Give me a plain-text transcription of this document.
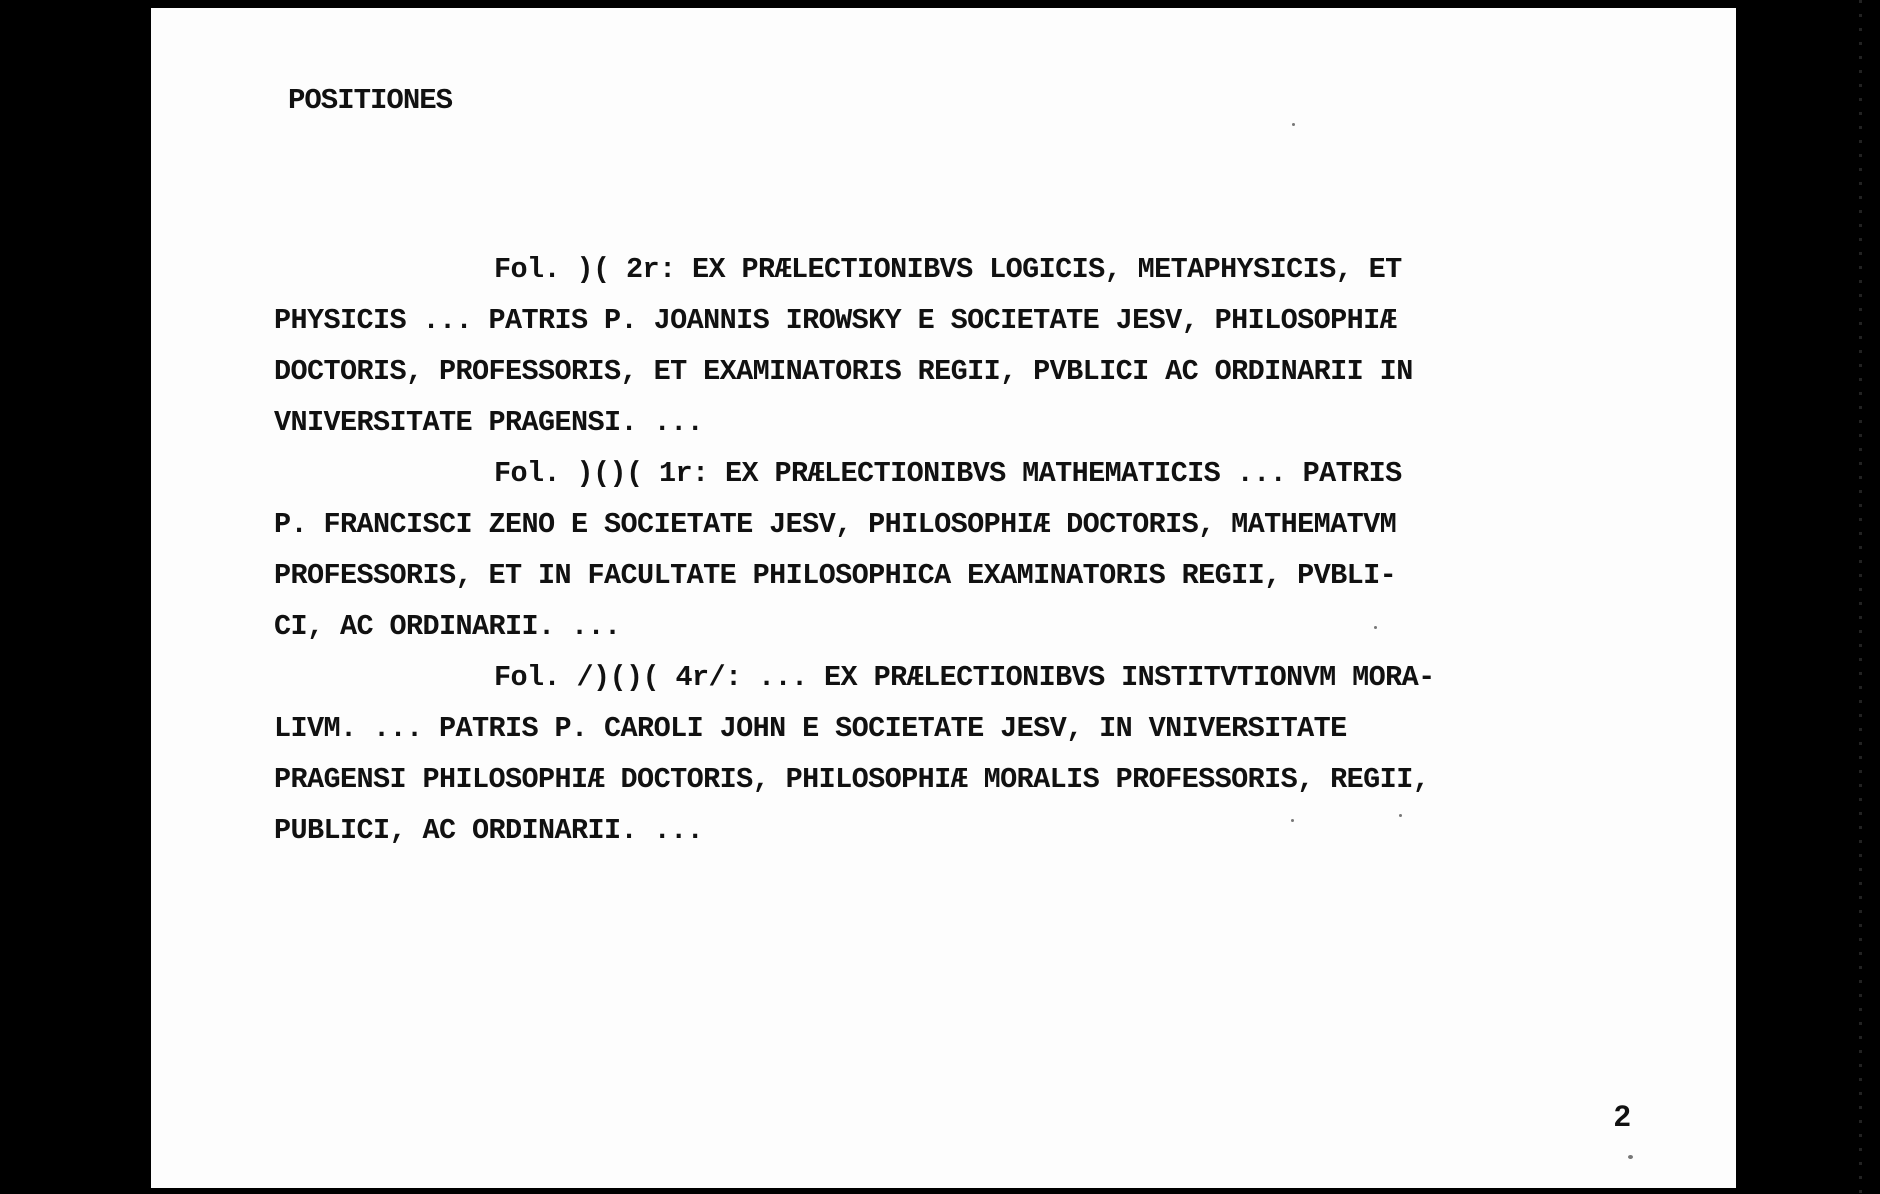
POSITIONES

Fol. )( 2r: EX PRÆLECTIONIBVS LOGICIS, METAPHYSICIS, ET
PHYSICIS ... PATRIS P. JOANNIS IROWSKY E SOCIETATE JESV, PHILOSOPHIÆ
DOCTORIS, PROFESSORIS, ET EXAMINATORIS REGII, PVBLICI AC ORDINARII IN
VNIVERSITATE PRAGENSI. ...

Fol. )()( 1r: EX PRÆLECTIONIBVS MATHEMATICIS ... PATRIS
P. FRANCISCI ZENO E SOCIETATE JESV, PHILOSOPHIÆ DOCTORIS, MATHEMATVM
PROFESSORIS, ET IN FACULTATE PHILOSOPHICA EXAMINATORIS REGII, PVBLI-
CI, AC ORDINARII. ...

Fol. /)()( 4r/: ... EX PRÆLECTIONIBVS INSTITVTIONVM MORA-
LIVM. ... PATRIS P. CAROLI JOHN E SOCIETATE JESV, IN VNIVERSITATE
PRAGENSI PHILOSOPHIÆ DOCTORIS, PHILOSOPHIÆ MORALIS PROFESSORIS, REGII,
PUBLICI, AC ORDINARII. ...

2
